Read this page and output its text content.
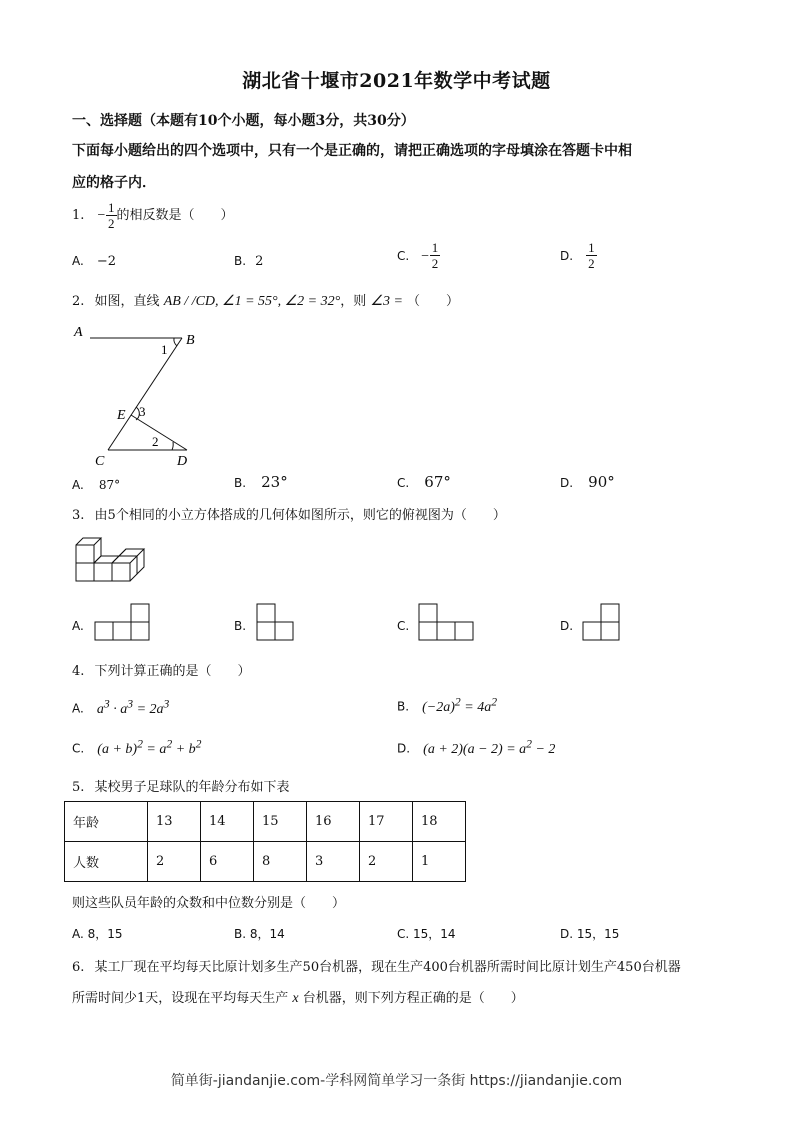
湖北省十堰市2021年数学中考试题
一、选择题（本题有10个小题，每小题3分，共30分）
下面每小题给出的四个选项中，只有一个是正确的，请把正确选项的字母填涂在答题卡中相
应的格子内．
1. − $\frac{1}{2}$ 的相反数是（　　）
A. −2	B. 2	C. − $\frac{1}{2}$	D. $\frac{1}{2}$
2. 如图，直线 AB / /CD, ∠1 = 55°, ∠2 = 32°，则 ∠3 = （　　）
A
B
C	D
E
1
2
3
A. 87°	B. 23°	C. 67°	D. 90°
3. 由5个相同的小立方体搭成的几何体如图所示，则它的俯视图为（　　）
A.	B.	C.	D.
4. 下列计算正确的是（　　）
A. $a^3 \cdot a^3 = 2a^3$	B. $(-2a)^2 = 4a^2$
C. $(a + b)^2 = a^2 + b^2$	D. $(a + 2)(a - 2) = a^2 - 2$
5. 某校男子足球队的年龄分布如下表
年龄	13	14	15	16	17	18
人数	2	6	8	3	2	1
则这些队员年龄的众数和中位数分别是（　　）
A. 8，15	B. 8，14	C. 15，14	D. 15，15
6. 某工厂现在平均每天比原计划多生产50台机器，现在生产400台机器所需时间比原计划生产450台机器
所需时间少1天，设现在平均每天生产 x 台机器，则下列方程正确的是（　　）
简单街-jiandanjie.com-学科网简单学习一条街 https://jiandanjie.com
